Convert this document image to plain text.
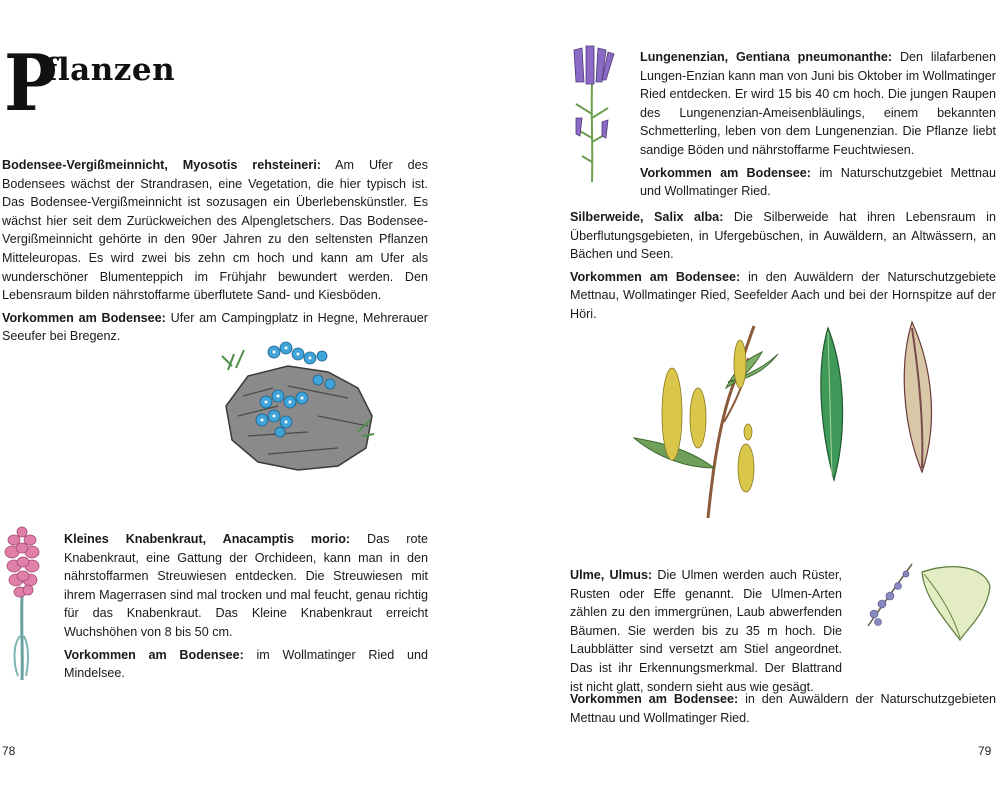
P
flanzen

Bodensee-Vergißmeinnicht, Myosotis rehsteineri: Am Ufer des Bodensees wächst der Strandrasen, eine Vegetation, die hier typisch ist. Das Bodensee-Vergißmeinnicht ist sozusagen ein Überlebenskünstler. Es wächst hier seit dem Zurückweichen des Alpengletschers. Das Bodensee-Vergißmeinnicht gehörte in den 90er Jahren zu den seltensten Pflanzen Mitteleuropas. Es wird zwei bis zehn cm hoch und kann am Ufer als wunderschöner Blumenteppich im Frühjahr bewundert werden. Den Lebensraum bilden nährstoffarme überflutete Sand- und Kiesböden.

Vorkommen am Bodensee: Ufer am Campingplatz in Hegne, Mehrerauer Seeufer bei Bregenz.

Kleines Knabenkraut, Anacamptis morio: Das rote Knabenkraut, eine Gattung der Orchideen, kann man in den nährstoffarmen Streuwiesen entdecken. Die Streuwiesen mit ihrem Magerrasen sind mal trocken und mal feucht, genau richtig für das Knabenkraut. Das Kleine Knabenkraut erreicht Wuchshöhen von 8 bis 50 cm.

Vorkommen am Bodensee: im Wollmatinger Ried und Mindelsee.

78

Lungenenzian, Gentiana pneumonanthe: Den lilafarbenen Lungen-Enzian kann man von Juni bis Oktober im Wollmatinger Ried entdecken. Er wird 15 bis 40 cm hoch. Die jungen Raupen des Lungenenzian-Ameisenbläulings, einem bekannten Schmetterling, leben von dem Lungenenzian. Die Pflanze liebt sandige Böden und nährstoffarme Feuchtwiesen.

Vorkommen am Bodensee: im Naturschutzgebiet Mettnau und Wollmatinger Ried.

Silberweide, Salix alba: Die Silberweide hat ihren Lebensraum in Überflutungsgebieten, in Ufergebüschen, in Auwäldern, an Altwässern, an Bächen und Seen.

Vorkommen am Bodensee: in den Auwäldern der Naturschutzgebiete Mettnau, Wollmatinger Ried, Seefelder Aach und bei der Hornspitze auf der Höri.

Ulme, Ulmus: Die Ulmen werden auch Rüster, Rusten oder Effe genannt. Die Ulmen-Arten zählen zu den immergrünen, Laub abwerfenden Bäumen. Sie werden bis zu 35 m hoch. Die Laubblätter sind versetzt am Stiel angeordnet. Das ist ihr Erkennungsmerkmal. Der Blattrand ist nicht glatt, sondern sieht aus wie gesägt.

Vorkommen am Bodensee: in den Auwäldern der Naturschutzgebieten Mettnau und Wollmatinger Ried.

79
